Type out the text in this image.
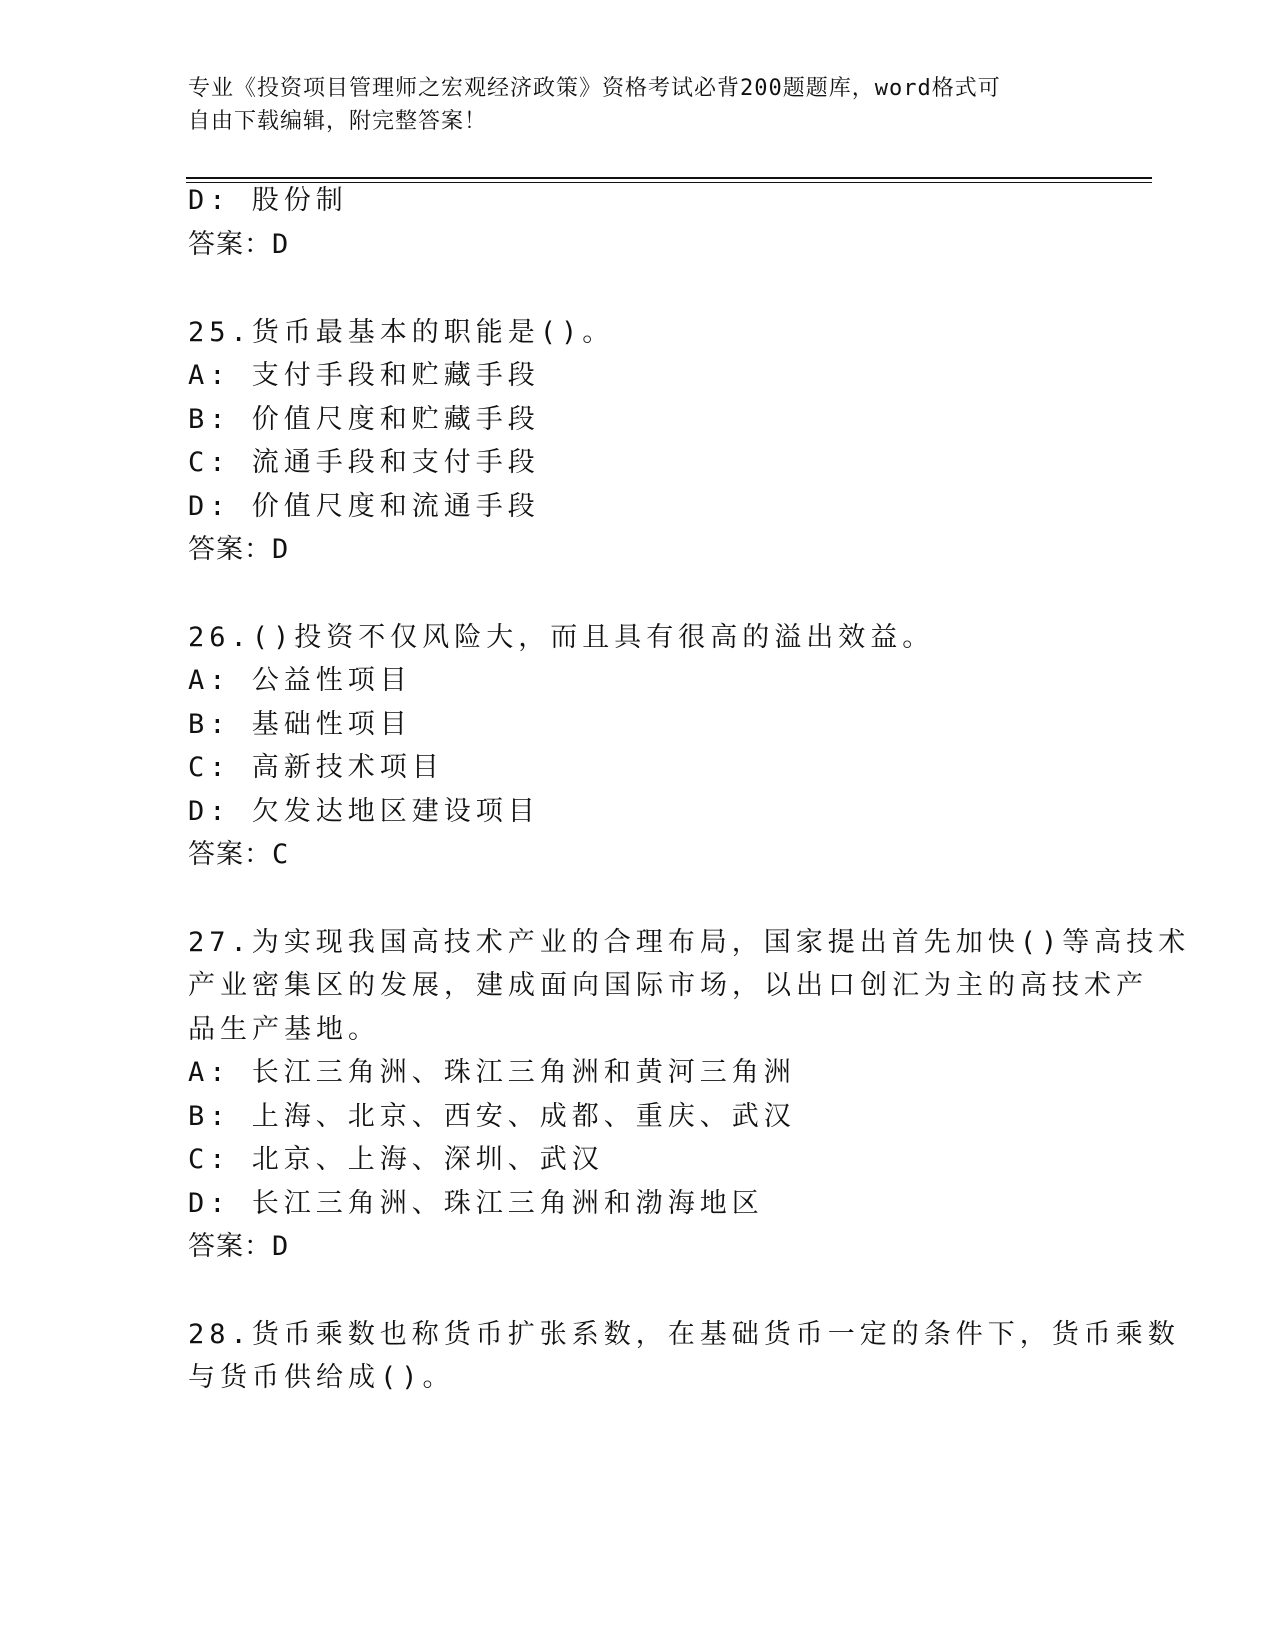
专业《投资项目管理师之宏观经济政策》资格考试必背200题题库，word格式可
自由下载编辑，附完整答案！
D: 股份制
答案：D
25.货币最基本的职能是()。
A: 支付手段和贮藏手段
B: 价值尺度和贮藏手段
C: 流通手段和支付手段
D: 价值尺度和流通手段
答案：D
26.()投资不仅风险大，而且具有很高的溢出效益。
A: 公益性项目
B: 基础性项目
C: 高新技术项目
D: 欠发达地区建设项目
答案：C
27.为实现我国高技术产业的合理布局，国家提出首先加快()等高技术
产业密集区的发展，建成面向国际市场，以出口创汇为主的高技术产
品生产基地。
A: 长江三角洲、珠江三角洲和黄河三角洲
B: 上海、北京、西安、成都、重庆、武汉
C: 北京、上海、深圳、武汉
D: 长江三角洲、珠江三角洲和渤海地区
答案：D
28.货币乘数也称货币扩张系数，在基础货币一定的条件下，货币乘数
与货币供给成()。
